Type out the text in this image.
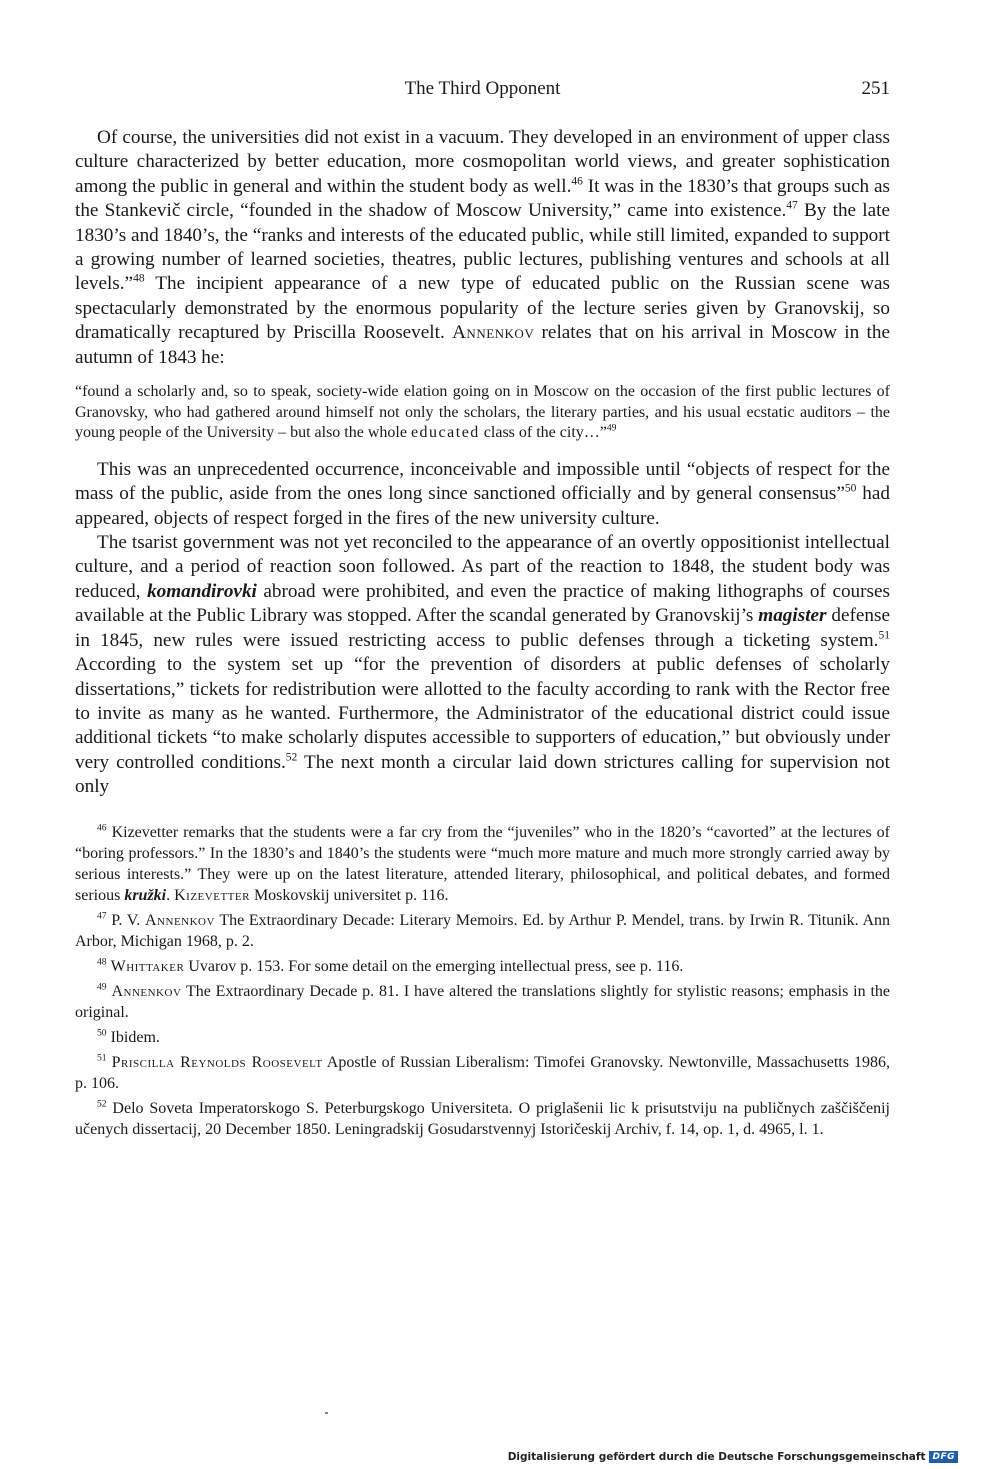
The Third Opponent	251

Of course, the universities did not exist in a vacuum. They developed in an environment of upper class culture characterized by better education, more cosmopolitan world views, and greater sophistication among the public in general and within the student body as well.$^{46}$ It was in the 1830’s that groups such as the Stankevič circle, “founded in the shadow of Moscow University,” came into existence.$^{47}$ By the late 1830’s and 1840’s, the “ranks and interests of the educated public, while still limited, expanded to support a growing number of learned societies, theatres, public lectures, publishing ventures and schools at all levels.”$^{48}$ The incipient appearance of a new type of educated public on the Russian scene was spectacularly demonstrated by the enormous popularity of the lecture series given by Granovskij, so dramatically recaptured by Priscilla Roosevelt. Annenkov relates that on his arrival in Moscow in the autumn of 1843 he:

“found a scholarly and, so to speak, society-wide elation going on in Moscow on the occasion of the first public lectures of Granovsky, who had gathered around himself not only the scholars, the literary parties, and his usual ecstatic auditors – the young people of the University – but also the whole educated class of the city…”$^{49}$

This was an unprecedented occurrence, inconceivable and impossible until “objects of respect for the mass of the public, aside from the ones long since sanctioned officially and by general consensus”$^{50}$ had appeared, objects of respect forged in the fires of the new university culture.

The tsarist government was not yet reconciled to the appearance of an overtly oppositionist intellectual culture, and a period of reaction soon followed. As part of the reaction to 1848, the student body was reduced, komandirovki abroad were prohibited, and even the practice of making lithographs of courses available at the Public Library was stopped. After the scandal generated by Granovskij’s magister defense in 1845, new rules were issued restricting access to public defenses through a ticketing system.$^{51}$ According to the system set up “for the prevention of disorders at public defenses of scholarly dissertations,” tickets for redistribution were allotted to the faculty according to rank with the Rector free to invite as many as he wanted. Furthermore, the Administrator of the educational district could issue additional tickets “to make scholarly disputes accessible to supporters of education,” but obviously under very controlled conditions.$^{52}$ The next month a circular laid down strictures calling for supervision not only

$^{46}$ Kizevetter remarks that the students were a far cry from the “juveniles” who in the 1820’s “cavorted” at the lectures of “boring professors.” In the 1830’s and 1840’s the students were “much more mature and much more strongly carried away by serious interests.” They were up on the latest literature, attended literary, philosophical, and political debates, and formed serious kružki. Kizevetter Moskovskij universitet p. 116.

$^{47}$ P. V. Annenkov The Extraordinary Decade: Literary Memoirs. Ed. by Arthur P. Mendel, trans. by Irwin R. Titunik. Ann Arbor, Michigan 1968, p. 2.

$^{48}$ Whittaker Uvarov p. 153. For some detail on the emerging intellectual press, see p. 116.

$^{49}$ Annenkov The Extraordinary Decade p. 81. I have altered the translations slightly for stylistic reasons; emphasis in the original.

$^{50}$ Ibidem.

$^{51}$ Priscilla Reynolds Roosevelt Apostle of Russian Liberalism: Timofei Granovsky. Newtonville, Massachusetts 1986, p. 106.

$^{52}$ Delo Soveta Imperatorskogo S. Peterburgskogo Universiteta. O priglašenii lic k prisutstviju na publičnych zaščiščenij učenych dissertacij, 20 December 1850. Leningradskij Gosudarstvennyj Istoričeskij Archiv, f. 14, op. 1, d. 4965, l. 1.

Digitalisierung gefördert durch die Deutsche Forschungsgemeinschaft DFG
